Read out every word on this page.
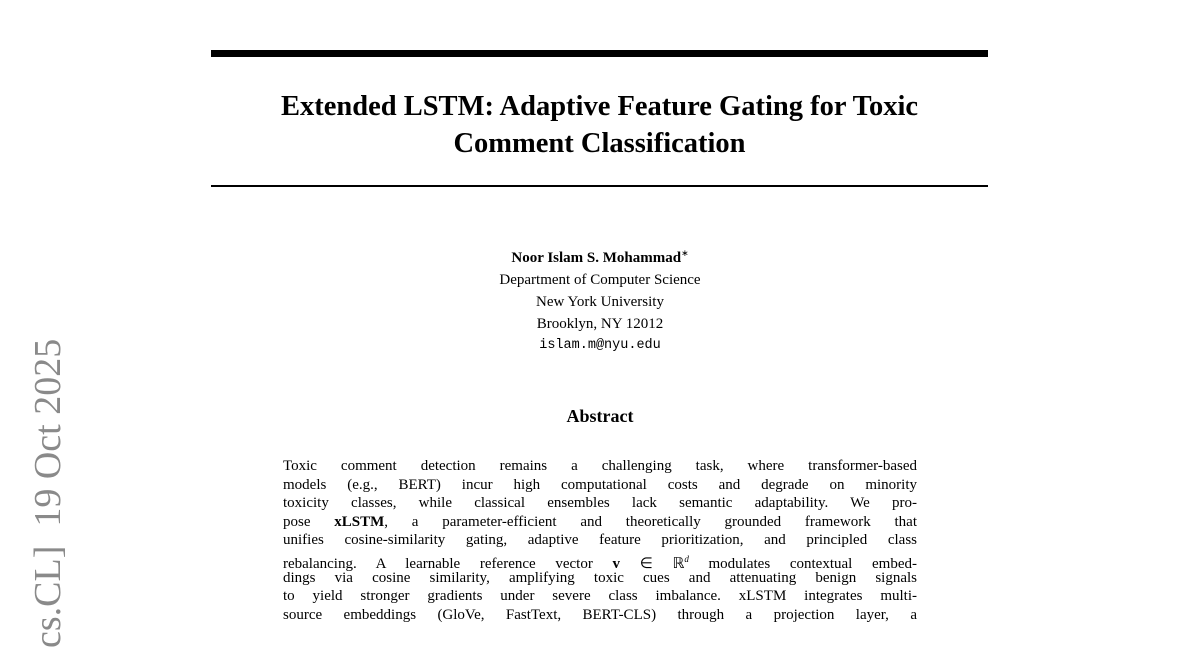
cs.CL]  19 Oct 2025
Extended LSTM: Adaptive Feature Gating for Toxic
Comment Classification
Noor Islam S. Mohammad∗
Department of Computer Science
New York University
Brooklyn, NY 12012
islam.m@nyu.edu
Abstract
Toxic comment detection remains a challenging task, where transformer-based
models (e.g., BERT) incur high computational costs and degrade on minority
toxicity classes, while classical ensembles lack semantic adaptability. We pro-
pose xLSTM, a parameter-efficient and theoretically grounded framework that
unifies cosine-similarity gating, adaptive feature prioritization, and principled class
rebalancing. A learnable reference vector v ∈ ℝ$^d$ modulates contextual embed-
dings via cosine similarity, amplifying toxic cues and attenuating benign signals
to yield stronger gradients under severe class imbalance. xLSTM integrates multi-
source embeddings (GloVe, FastText, BERT-CLS) through a projection layer, a
